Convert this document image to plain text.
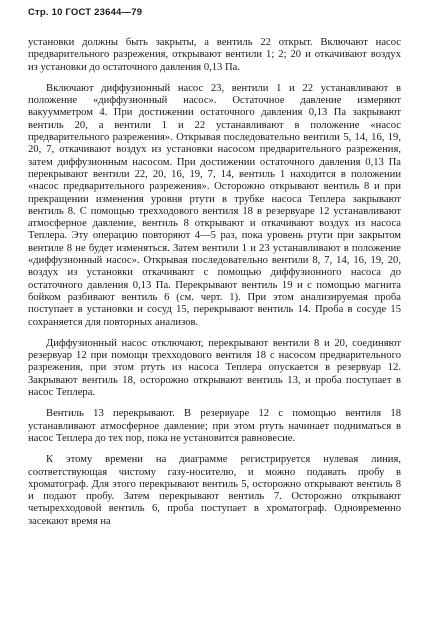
Стр. 10 ГОСТ 23644—79

установки должны быть закрыты, а вентиль 22 открыт. Включают насос предварительного разрежения, открывают вентили 1; 2; 20 и откачивают воздух из установки до остаточного давления 0,13 Па.

Включают диффузионный насос 23, вентили 1 и 22 устанавливают в положение «диффузионный насос». Остаточное давление измеряют вакуумметром 4. При достижении остаточного давления 0,13 Па закрывают вентиль 20, а вентили 1 и 22 устанавливают в положение «насос предварительного разрежения». Открывая последовательно вентили 5, 14, 16, 19, 20, 7, откачивают воздух из установки насосом предварительного разрежения, затем диффузионным насосом. При достижении остаточного давления 0,13 Па перекрывают вентили 22, 20, 16, 19, 7, 14, вентиль 1 находится в положении «насос предварительного разрежения». Осторожно открывают вентиль 8 и при прекращении изменения уровня ртути в трубке насоса Теплера закрывают вентиль 8. С помощью трехходового вентиля 18 в резервуаре 12 устанавливают атмосферное давление, вентиль 8 открывают и откачивают воздух из насоса Теплера. Эту операцию повторяют 4—5 раз, пока уровень ртути при закрытом вентиле 8 не будет изменяться. Затем вентили 1 и 23 устанавливают в положение «диффузионный насос». Открывая последовательно вентили 8, 7, 14, 16, 19, 20, воздух из установки откачивают с помощью диффузионного насоса до остаточного давления 0,13 Па. Перекрывают вентиль 19 и с помощью магнита бойком разбивают вентиль 6 (см. черт. 1). При этом анализируемая проба поступает в установки и сосуд 15, перекрывают вентиль 14. Проба в сосуде 15 сохраняется для повторных анализов.

Диффузионный насос отключают, перекрывают вентили 8 и 20, соединяют резервуар 12 при помощи трехходового вентиля 18 с насосом предварительного разрежения, при этом ртуть из насоса Теплера опускается в резервуар 12. Закрывают вентиль 18, осторожно открывают вентиль 13, и проба поступает в насос Теплера.

Вентиль 13 перекрывают. В резервуаре 12 с помощью вентиля 18 устанавливают атмосферное давление; при этом ртуть начинает подниматься в насос Теплера до тех пор, пока не установится равновесие.

К этому времени на диаграмме регистрируется нулевая линия, соответствующая чистому газу-носителю, и можно подавать пробу в хроматограф. Для этого перекрывают вентиль 5, осторожно открывают вентиль 8 и подают пробу. Затем перекрывают вентиль 7. Осторожно открывают четырехходовой вентиль 6, проба поступает в хроматограф. Одновременно засекают время на
